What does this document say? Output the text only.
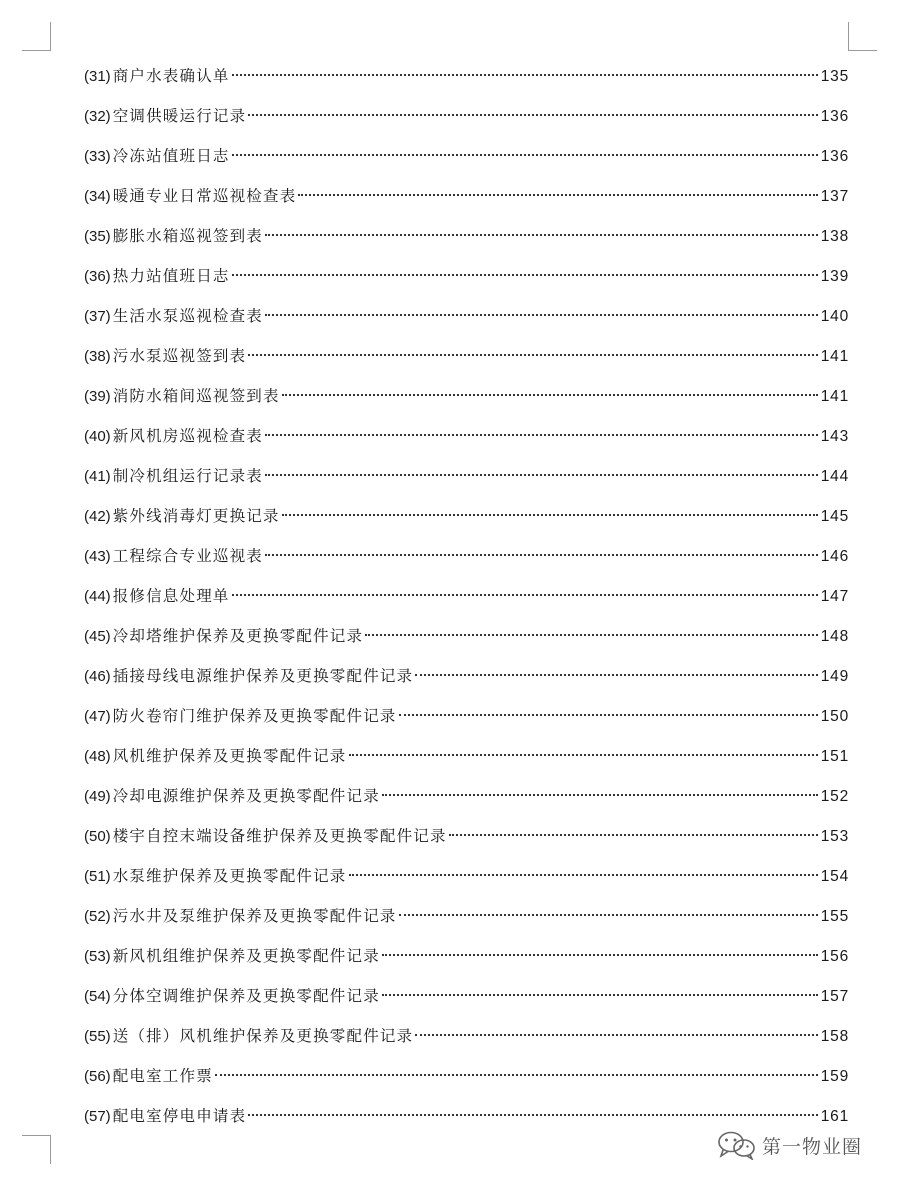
(31) 商户水表确认单	135
(32) 空调供暖运行记录	136
(33) 冷冻站值班日志	136
(34) 暖通专业日常巡视检查表	137
(35) 膨胀水箱巡视签到表	138
(36) 热力站值班日志	139
(37) 生活水泵巡视检查表	140
(38) 污水泵巡视签到表	141
(39) 消防水箱间巡视签到表	141
(40) 新风机房巡视检查表	143
(41) 制冷机组运行记录表	144
(42) 紫外线消毒灯更换记录	145
(43) 工程综合专业巡视表	146
(44) 报修信息处理单	147
(45) 冷却塔维护保养及更换零配件记录	148
(46) 插接母线电源维护保养及更换零配件记录	149
(47) 防火卷帘门维护保养及更换零配件记录	150
(48) 风机维护保养及更换零配件记录	151
(49) 冷却电源维护保养及更换零配件记录	152
(50) 楼宇自控末端设备维护保养及更换零配件记录	153
(51) 水泵维护保养及更换零配件记录	154
(52) 污水井及泵维护保养及更换零配件记录	155
(53) 新风机组维护保养及更换零配件记录	156
(54) 分体空调维护保养及更换零配件记录	157
(55) 送（排）风机维护保养及更换零配件记录	158
(56) 配电室工作票	159
(57) 配电室停电申请表	161
第一物业圈
